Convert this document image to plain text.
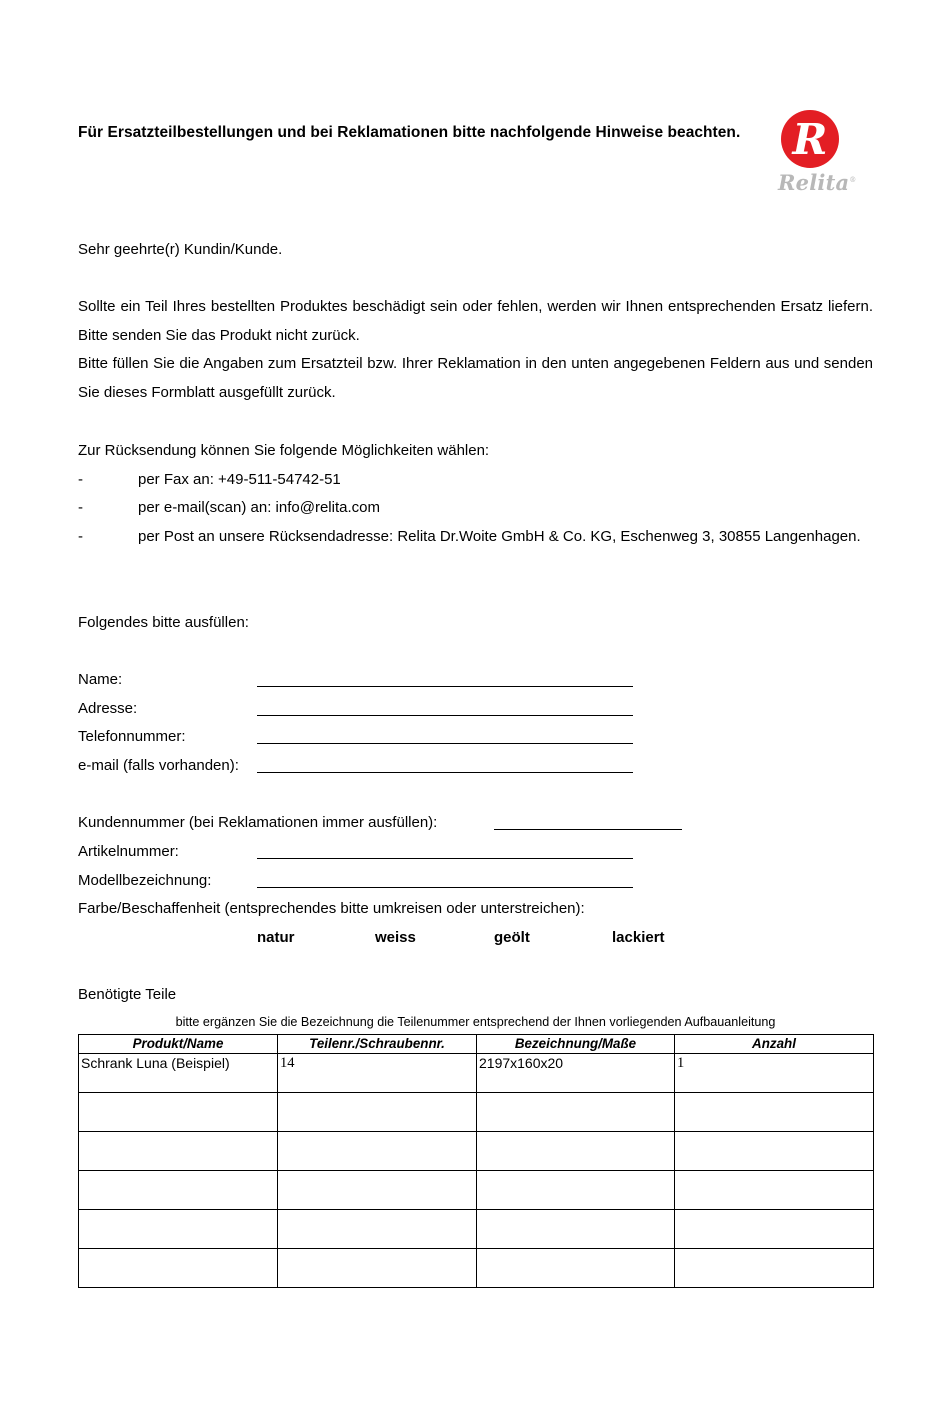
Für Ersatzteilbestellungen und bei Reklamationen bitte nachfolgende Hinweise beachten.	R
Relita®
Sehr geehrte(r) Kundin/Kunde.

Sollte ein Teil Ihres bestellten Produktes beschädigt sein oder fehlen, werden wir Ihnen entsprechenden Ersatz liefern. Bitte senden Sie das Produkt nicht zurück.

Bitte füllen Sie die Angaben zum Ersatzteil bzw. Ihrer Reklamation in den unten angegebenen Feldern aus und senden Sie dieses Formblatt ausgefüllt zurück.

Zur Rücksendung können Sie folgende Möglichkeiten wählen:
-	per Fax an: +49-511-54742-51
-	per e-mail(scan) an: info@relita.com
-	per Post an unsere Rücksendadresse: Relita Dr.Woite GmbH & Co. KG, Eschenweg 3, 30855 Langenhagen.
Folgendes bitte ausfüllen:
Name:
Adresse:
Telefonnummer:
e-mail (falls vorhanden):
Kundennummer (bei Reklamationen immer ausfüllen):
Artikelnummer:
Modellbezeichnung:
Farbe/Beschaffenheit (entsprechendes bitte umkreisen oder unterstreichen):
natur	weiss	geölt	lackiert
Benötigte Teile
bitte ergänzen Sie die Bezeichnung die Teilenummer entsprechend der Ihnen vorliegenden Aufbauanleitung
Produkt/Name	Teilenr./Schraubennr.	Bezeichnung/Maße	Anzahl
Schrank Luna (Beispiel)	14	2197x160x20	1
